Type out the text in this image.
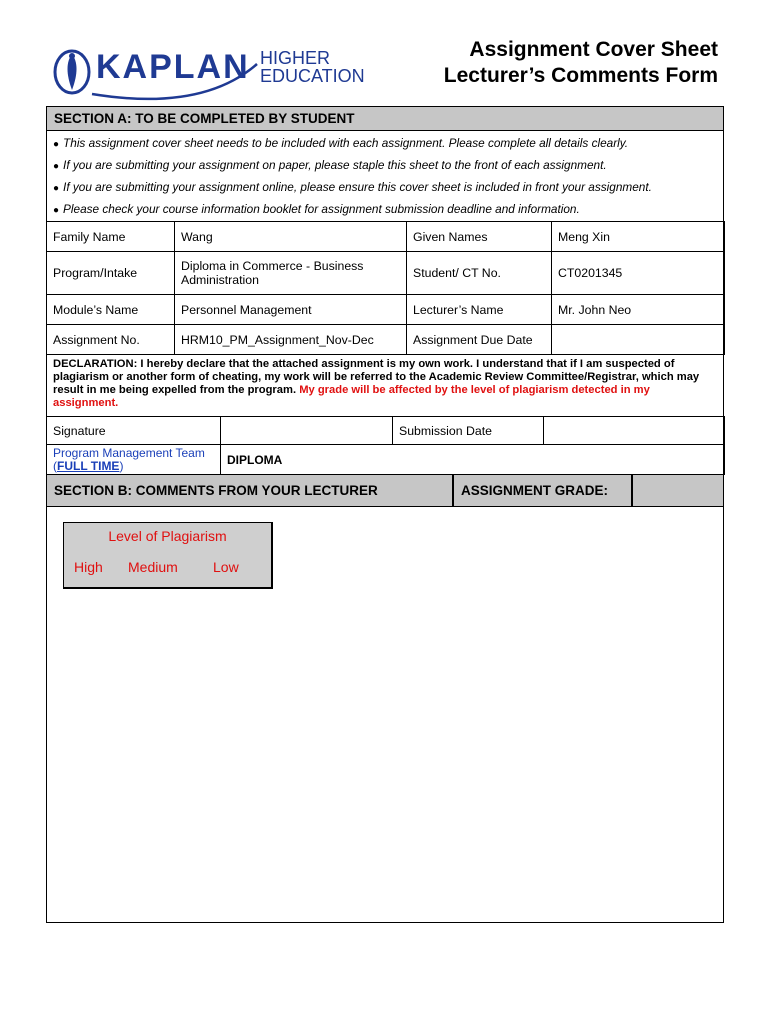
KAPLAN HIGHER
EDUCATION
Assignment Cover Sheet
Lecturer’s Comments Form
SECTION A: TO BE COMPLETED BY STUDENT
● This assignment cover sheet needs to be included with each assignment. Please complete all details clearly.
● If you are submitting your assignment on paper, please staple this sheet to the front of each assignment.
● If you are submitting your assignment online, please ensure this cover sheet is included in front your assignment.
● Please check your course information booklet for assignment submission deadline and information.
Family Name	Wang	Given Names	Meng Xin
Program/Intake	Diploma in Commerce - Business Administration	Student/ CT No.	CT0201345
Module’s Name	Personnel Management	Lecturer’s Name	Mr. John Neo
Assignment No.	HRM10_PM_Assignment_Nov-Dec	Assignment Due Date	
DECLARATION: I hereby declare that the attached assignment is my own work. I understand that if I am suspected of plagiarism or another form of cheating, my work will be referred to the Academic Review Committee/Registrar, which may result in me being expelled from the program. My grade will be affected by the level of plagiarism detected in my assignment.
Signature		Submission Date	
Program Management Team (FULL TIME)	DIPLOMA		
SECTION B: COMMENTS FROM YOUR LECTURER	ASSIGNMENT GRADE:
Level of Plagiarism
High Medium	Low
